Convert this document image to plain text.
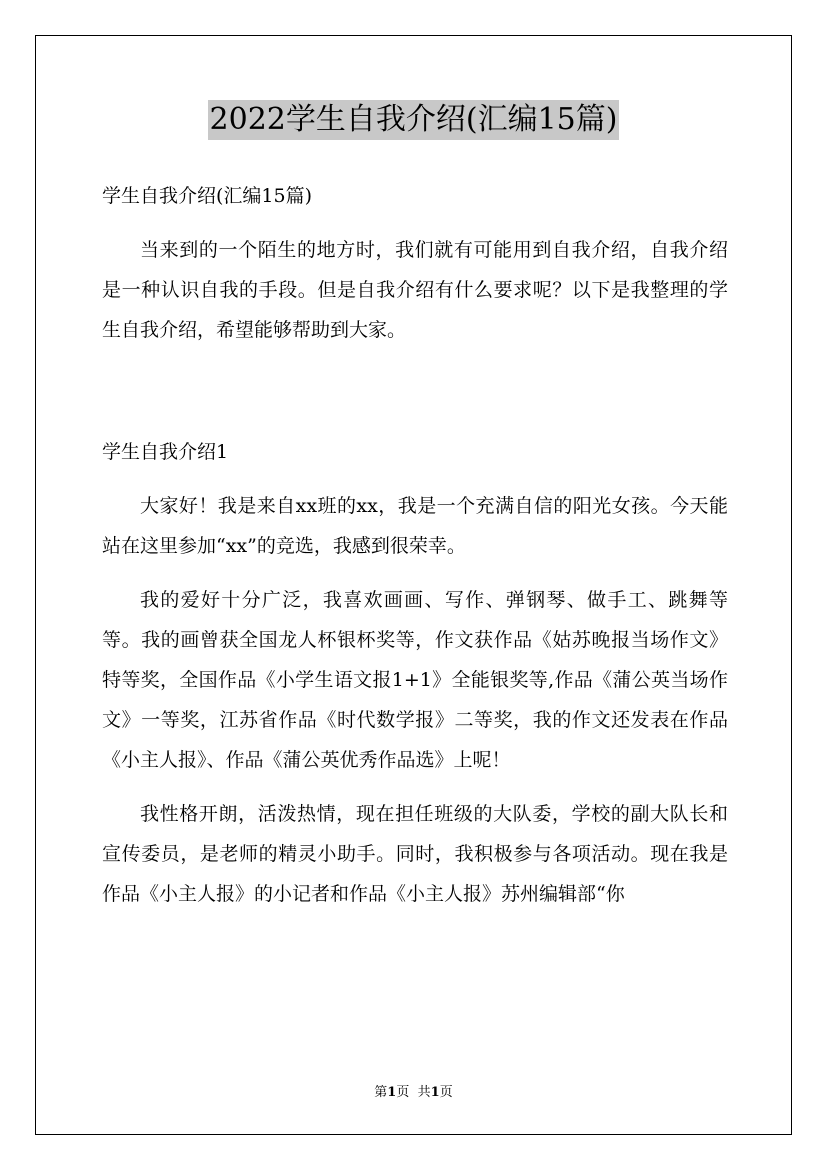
2022学生自我介绍(汇编15篇)
学生自我介绍(汇编15篇)
当来到的一个陌生的地方时，我们就有可能用到自我介绍，自我介绍是一种认识自我的手段。但是自我介绍有什么要求呢？以下是我整理的学生自我介绍，希望能够帮助到大家。
学生自我介绍1
大家好！我是来自xx班的xx，我是一个充满自信的阳光女孩。今天能站在这里参加“xx”的竞选，我感到很荣幸。
我的爱好十分广泛，我喜欢画画、写作、弹钢琴、做手工、跳舞等等。我的画曾获全国龙人杯银杯奖等，作文获作品《姑苏晚报当场作文》特等奖，全国作品《小学生语文报1+1》全能银奖等,作品《蒲公英当场作文》一等奖，江苏省作品《时代数学报》二等奖，我的作文还发表在作品《小主人报》、作品《蒲公英优秀作品选》上呢！
我性格开朗，活泼热情，现在担任班级的大队委，学校的副大队长和宣传委员，是老师的精灵小助手。同时，我积极参与各项活动。现在我是作品《小主人报》的小记者和作品《小主人报》苏州编辑部“你
第1页 共1页
